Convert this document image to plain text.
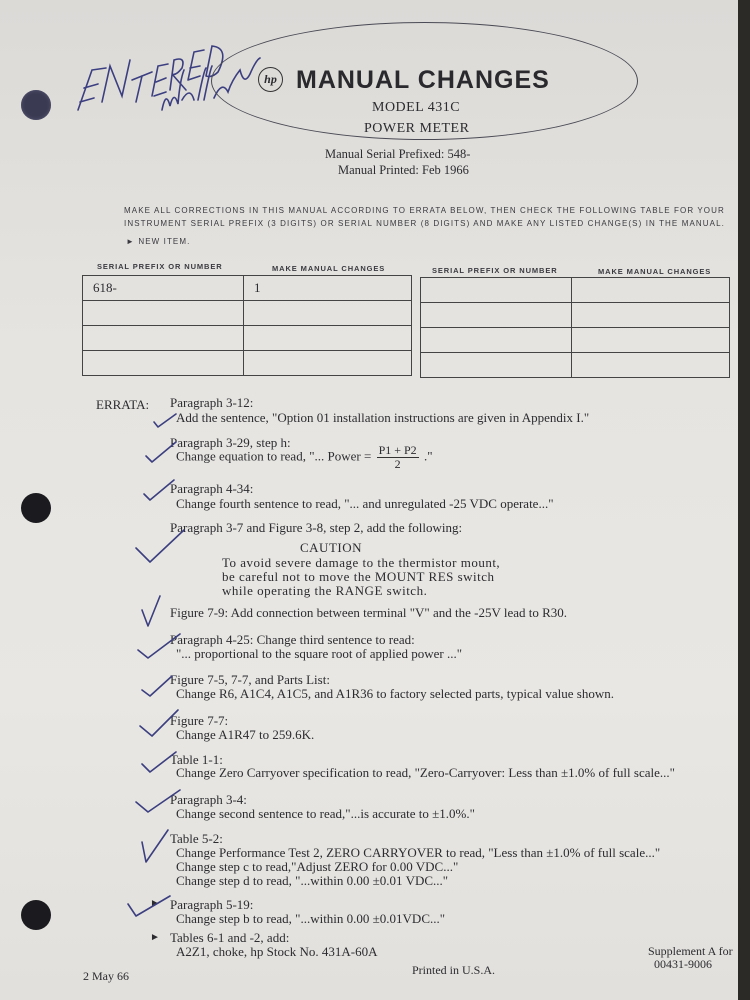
hp MANUAL CHANGES
MODEL 431C
POWER METER
Manual Serial Prefixed: 548-
Manual Printed: Feb 1966
MAKE ALL CORRECTIONS IN THIS MANUAL ACCORDING TO ERRATA BELOW, THEN CHECK THE FOLLOWING TABLE FOR YOUR
INSTRUMENT SERIAL PREFIX (3 DIGITS) OR SERIAL NUMBER (8 DIGITS) AND MAKE ANY LISTED CHANGE(S) IN THE MANUAL.
► NEW ITEM.
SERIAL PREFIX OR NUMBER	MAKE MANUAL CHANGES	SERIAL PREFIX OR NUMBER	MAKE MANUAL CHANGES
618-	1

ERRATA: Paragraph 3-12:
Add the sentence, "Option 01 installation instructions are given in Appendix I."
Paragraph 3-29, step h:
Change equation to read, "... Power = $\frac{P1 + P2}{2}$ ."
Paragraph 4-34:
Change fourth sentence to read, "... and unregulated -25 VDC operate..."
Paragraph 3-7 and Figure 3-8, step 2, add the following:
CAUTION
To avoid severe damage to the thermistor mount,
be careful not to move the MOUNT RES switch
while operating the RANGE switch.
Figure 7-9: Add connection between terminal "V" and the -25V lead to R30.
Paragraph 4-25: Change third sentence to read:
"... proportional to the square root of applied power ..."
Figure 7-5, 7-7, and Parts List:
Change R6, A1C4, A1C5, and A1R36 to factory selected parts, typical value shown.
Figure 7-7:
Change A1R47 to 259.6K.
Table 1-1:
Change Zero Carryover specification to read, "Zero-Carryover: Less than ±1.0% of full scale..."
Paragraph 3-4:
Change second sentence to read,"...is accurate to ±1.0%."
Table 5-2:
Change Performance Test 2, ZERO CARRYOVER to read, "Less than ±1.0% of full scale..."
Change step c to read,"Adjust ZERO for 0.00 VDC..."
Change step d to read, "...within 0.00 ±0.01 VDC..."
► Paragraph 5-19:
Change step b to read, "...within 0.00 ±0.01VDC..."
► Tables 6-1 and -2, add:
A2Z1, choke, hp Stock No. 431A-60A
2 May 66	Printed in U.S.A.
Supplement A for
00431-9006
